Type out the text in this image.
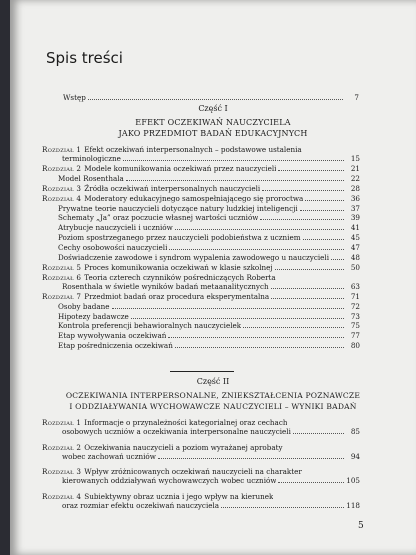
Spis treści
Wstęp	7
Część I
EFEKT OCZEKIWAŃ NAUCZYCIELA
JAKO PRZEDMIOT BADAŃ EDUKACYJNYCH
Część II
OCZEKIWANIA INTERPERSONALNE, ZNIEKSZTAŁCENIA POZNAWCZE
I ODDZIAŁYWANIA WYCHOWAWCZE NAUCZYCIELI – WYNIKI BADAŃ
5
Rozdział 1 Efekt oczekiwań interpersonalnych – podstawowe ustalenia
terminologiczne	15
Rozdział 2 Modele komunikowania oczekiwań przez nauczycieli	21
Model Rosenthala	22
Rozdział 3 Źródła oczekiwań interpersonalnych nauczycieli	28
Rozdział 4 Moderatory edukacyjnego samospełniającego się proroctwa	36
Prywatne teorie nauczycieli dotyczące natury ludzkiej inteligencji	37
Schematy „Ja” oraz poczucie własnej wartości uczniów	39
Atrybucje nauczycieli i uczniów	41
Poziom spostrzeganego przez nauczycieli podobieństwa z uczniem	45
Cechy osobowości nauczycieli	47
Doświadczenie zawodowe i syndrom wypalenia zawodowego u nauczycieli	48
Rozdział 5 Proces komunikowania oczekiwań w klasie szkolnej	50
Rozdział 6 Teoria czterech czynników pośredniczących Roberta
Rosenthala w świetle wyników badań metaanalitycznych	63
Rozdział 7 Przedmiot badań oraz procedura eksperymentalna	71
Osoby badane	72
Hipotezy badawcze	73
Kontrola preferencji behawioralnych nauczycielek	75
Etap wywoływania oczekiwań	77
Etap pośredniczenia oczekiwań	80
Rozdział 1 Informacje o przynależności kategorialnej oraz cechach
osobowych uczniów a oczekiwania interpersonalne nauczycieli	85
Rozdział 2 Oczekiwania nauczycieli a poziom wyrażanej aprobaty
wobec zachowań uczniów	94
Rozdział 3 Wpływ zróżnicowanych oczekiwań nauczycieli na charakter
kierowanych oddziaływań wychowawczych wobec uczniów	105
Rozdział 4 Subiektywny obraz ucznia i jego wpływ na kierunek
oraz rozmiar efektu oczekiwań nauczyciela	118
